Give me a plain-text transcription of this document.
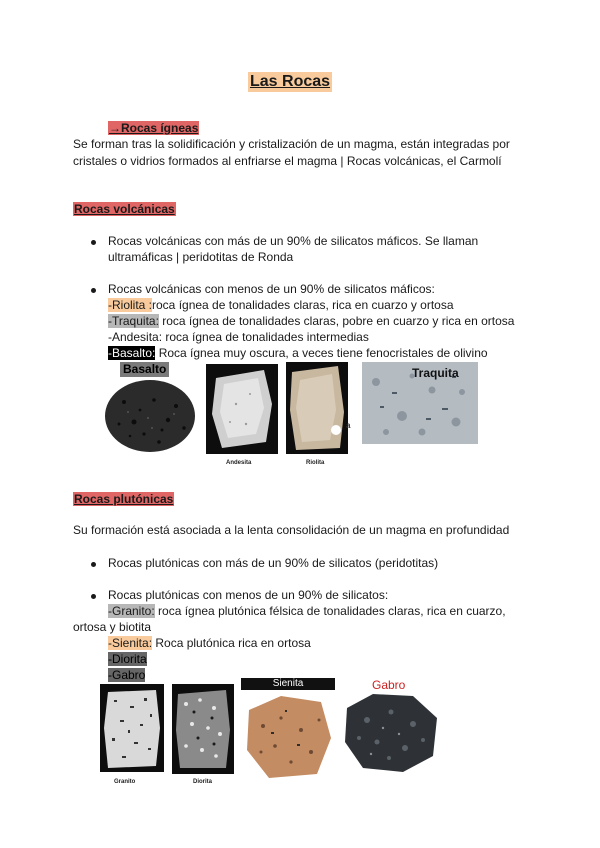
Las Rocas
→Rocas ígneas
Se forman tras la solidificación y cristalización de un magma, están integradas por
cristales o vidrios formados al enfriarse el magma | Rocas volcánicas, el Carmolí
Rocas volcánicas
Rocas volcánicas con más de un 90% de silicatos máficos. Se llaman
ultramáficas | peridotitas de Ronda
Rocas volcánicas con menos de un 90% de silicatos máficos:
-Riolita :roca ígnea de tonalidades claras, rica en cuarzo y ortosa
-Traquita: roca ígnea de tonalidades claras, pobre en cuarzo y rica en ortosa
-Andesita: roca ígnea de tonalidades intermedias
-Basalto: Roca ígnea muy oscura, a veces tiene fenocristales de olivino
Basalto
Andesita
a
Riolita
Traquita
Rocas plutónicas
Su formación está asociada a la lenta consolidación de un magma en profundidad
Rocas plutónicas con más de un 90% de silicatos (peridotitas)
Rocas plutónicas con menos de un 90% de silicatos:
-Granito: roca ígnea plutónica félsica de tonalidades claras, rica en cuarzo,
ortosa y biotita
-Sienita: Roca plutónica rica en ortosa
-Diorita
-Gabro
Granito	Diorita
Sienita	Gabro
